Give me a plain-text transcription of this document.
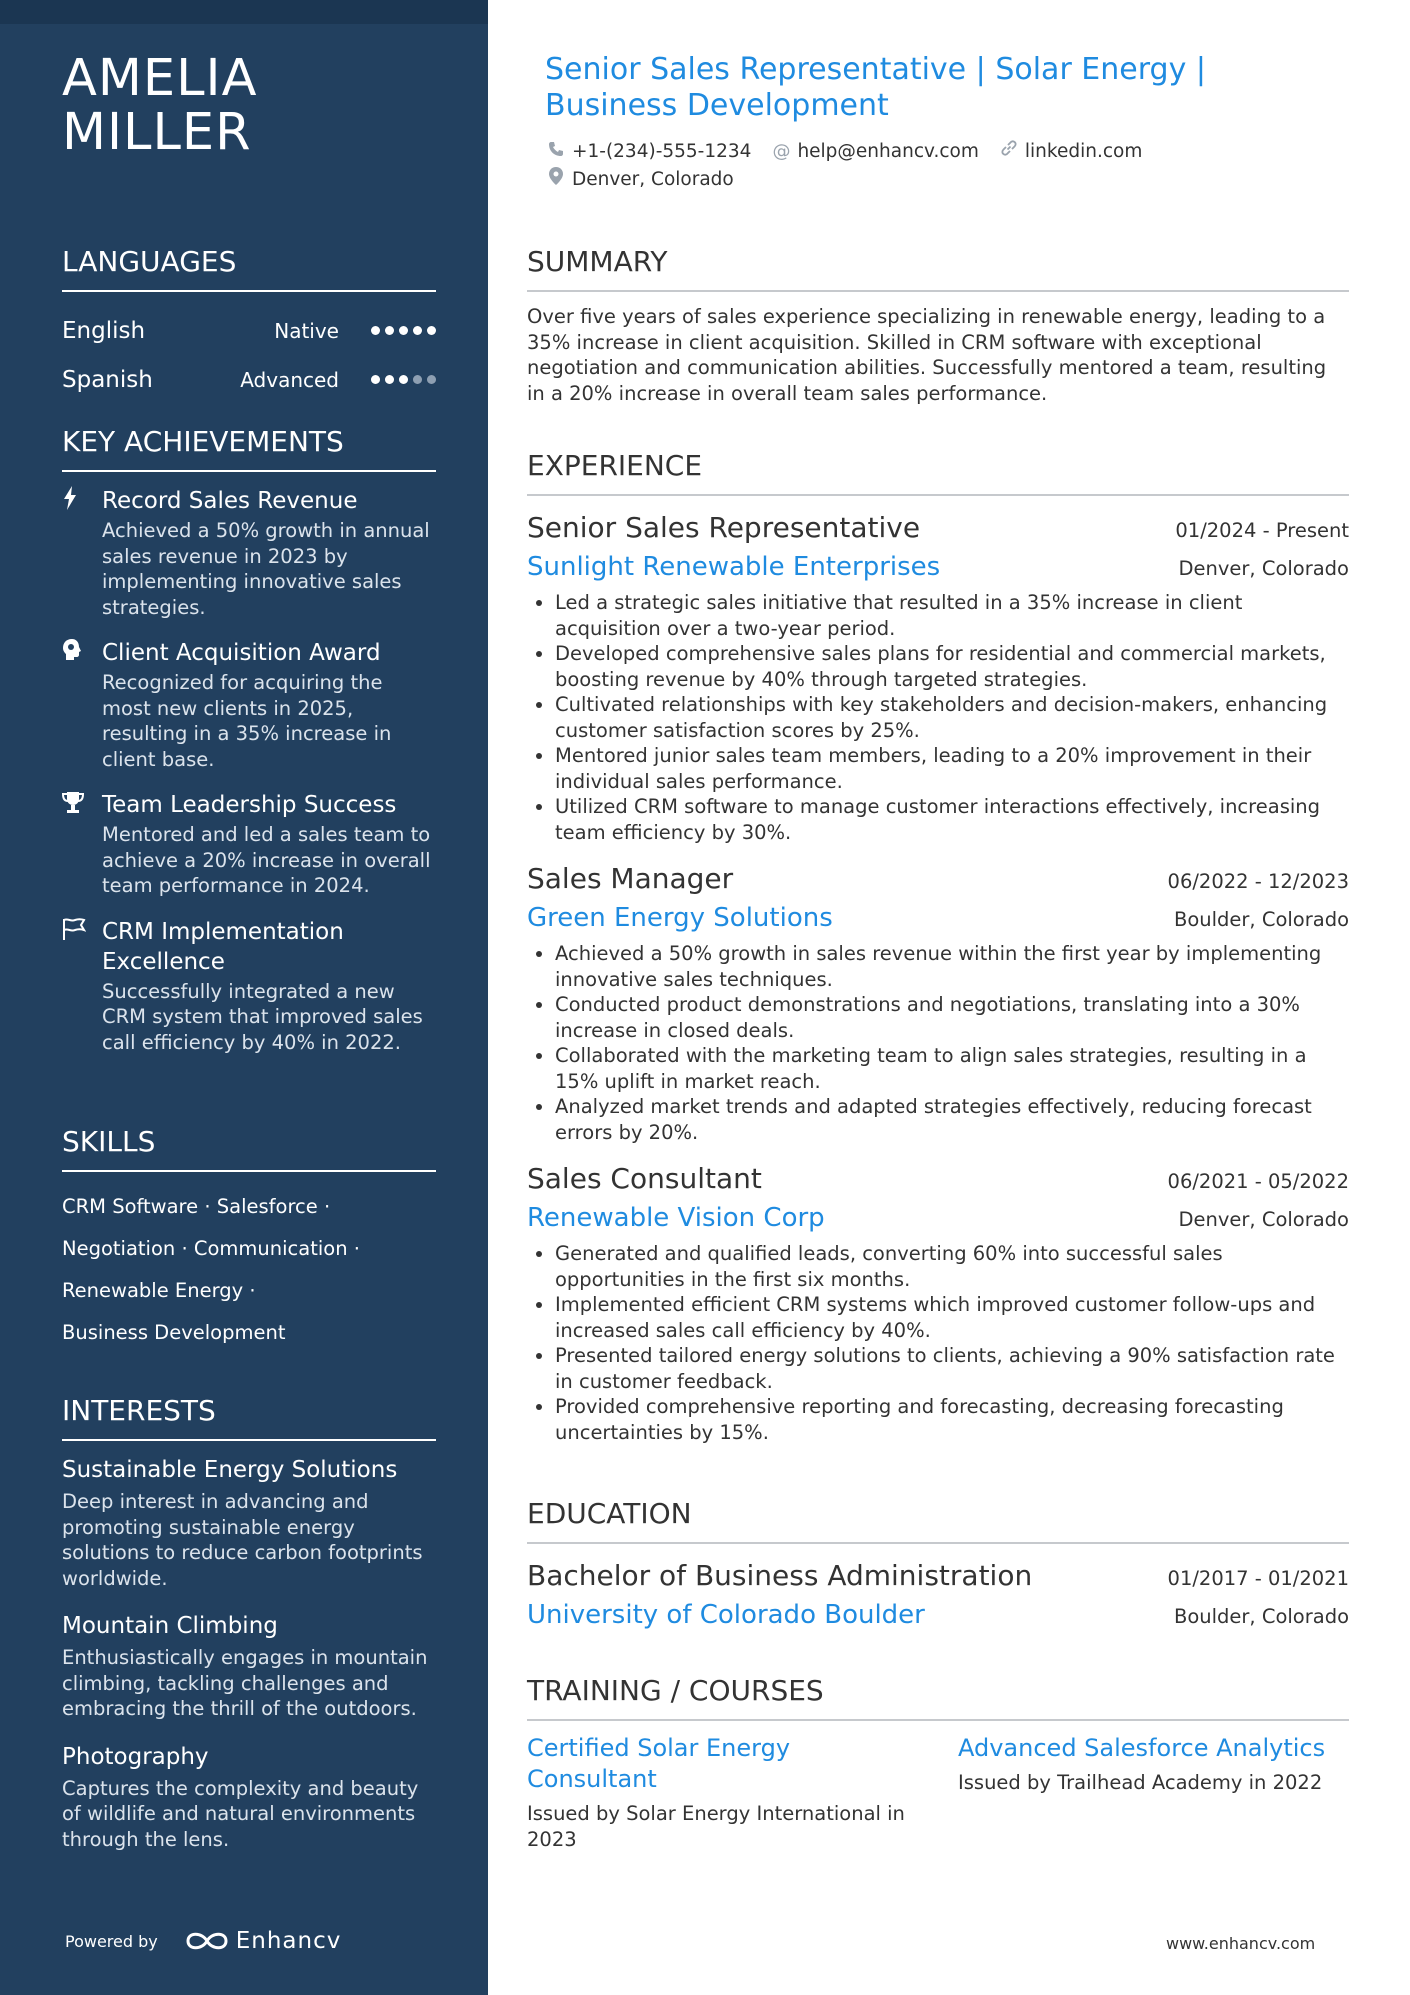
AMELIA
MILLER
LANGUAGES
English	Native
Spanish	Advanced
KEY ACHIEVEMENTS
Record Sales Revenue
Achieved a 50% growth in annual sales revenue in 2023 by implementing innovative sales strategies.
Client Acquisition Award
Recognized for acquiring the most new clients in 2025, resulting in a 35% increase in client base.
Team Leadership Success
Mentored and led a sales team to achieve a 20% increase in overall team performance in 2024.
CRM Implementation Excellence
Successfully integrated a new CRM system that improved sales call efficiency by 40% in 2022.
SKILLS
CRM Software · Salesforce ·
Negotiation · Communication ·
Renewable Energy ·
Business Development
INTERESTS
Sustainable Energy Solutions
Deep interest in advancing and promoting sustainable energy solutions to reduce carbon footprints worldwide.
Mountain Climbing
Enthusiastically engages in mountain climbing, tackling challenges and embracing the thrill of the outdoors.
Photography
Captures the complexity and beauty of wildlife and natural environments through the lens.
Powered by	Enhancv
Senior Sales Representative | Solar Energy | Business Development
+1-(234)-555-1234 @ help@enhancv.com linkedin.com
Denver, Colorado
SUMMARY
Over five years of sales experience specializing in renewable energy, leading to a 35% increase in client acquisition. Skilled in CRM software with exceptional negotiation and communication abilities. Successfully mentored a team, resulting in a 20% increase in overall team sales performance.
EXPERIENCE
Senior Sales Representative	01/2024 - Present
Sunlight Renewable Enterprises	Denver, Colorado
• Led a strategic sales initiative that resulted in a 35% increase in client acquisition over a two-year period.
• Developed comprehensive sales plans for residential and commercial markets, boosting revenue by 40% through targeted strategies.
• Cultivated relationships with key stakeholders and decision-makers, enhancing customer satisfaction scores by 25%.
• Mentored junior sales team members, leading to a 20% improvement in their individual sales performance.
• Utilized CRM software to manage customer interactions effectively, increasing team efficiency by 30%.
Sales Manager	06/2022 - 12/2023
Green Energy Solutions	Boulder, Colorado
• Achieved a 50% growth in sales revenue within the first year by implementing innovative sales techniques.
• Conducted product demonstrations and negotiations, translating into a 30% increase in closed deals.
• Collaborated with the marketing team to align sales strategies, resulting in a 15% uplift in market reach.
• Analyzed market trends and adapted strategies effectively, reducing forecast errors by 20%.
Sales Consultant	06/2021 - 05/2022
Renewable Vision Corp	Denver, Colorado
• Generated and qualified leads, converting 60% into successful sales opportunities in the first six months.
• Implemented efficient CRM systems which improved customer follow-ups and increased sales call efficiency by 40%.
• Presented tailored energy solutions to clients, achieving a 90% satisfaction rate in customer feedback.
• Provided comprehensive reporting and forecasting, decreasing forecasting uncertainties by 15%.
EDUCATION
Bachelor of Business Administration	01/2017 - 01/2021
University of Colorado Boulder	Boulder, Colorado
TRAINING / COURSES
Certified Solar Energy Consultant
Issued by Solar Energy International in 2023
Advanced Salesforce Analytics
Issued by Trailhead Academy in 2022
www.enhancv.com
